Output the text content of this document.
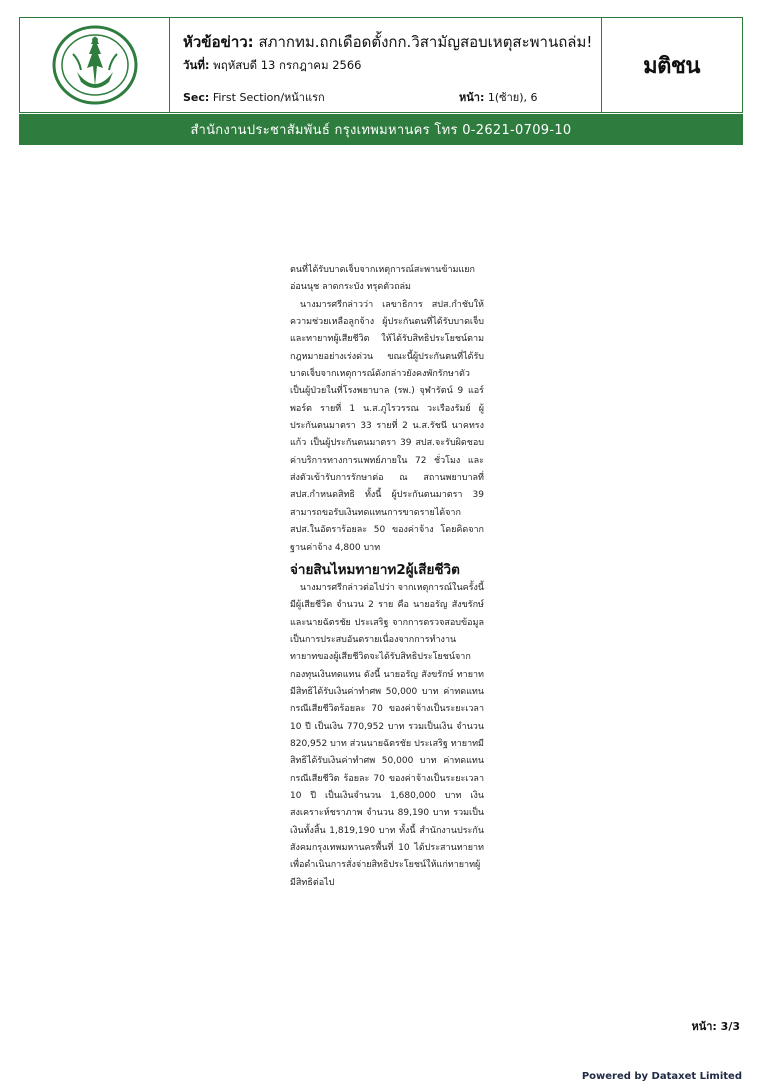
หัวข้อข่าว: สภากทม.ถกเดือดตั้งกก.วิสามัญสอบเหตุสะพานถล่ม!
วันที่: พฤหัสบดี 13 กรกฎาคม 2566
Sec: First Section/หน้าแรก	หน้า: 1(ซ้าย), 6
มติชน
สำนักงานประชาสัมพันธ์ กรุงเทพมหานคร โทร 0-2621-0709-10

ตนที่ได้รับบาดเจ็บจากเหตุการณ์สะพานข้ามแยกอ่อนนุช ลาดกระบัง ทรุดตัวถล่ม

นางมารศรีกล่าวว่า เลขาธิการ สปส.กำชับให้ความช่วยเหลือลูกจ้าง ผู้ประกันตนที่ได้รับบาดเจ็บ และทายาทผู้เสียชีวิต ให้ได้รับสิทธิประโยชน์ตามกฎหมายอย่างเร่งด่วน ขณะนี้ผู้ประกันตนที่ได้รับบาดเจ็บจากเหตุการณ์ดังกล่าวยังคงพักรักษาตัวเป็นผู้ป่วยในที่โรงพยาบาล (รพ.) จุฬารัตน์ 9 แอร์พอร์ต รายที่ 1 น.ส.ภูไรวรรณ วะเรืองรัมย์ ผู้ประกันตนมาตรา 33 รายที่ 2 น.ส.รัชนี นาคทรงแก้ว เป็นผู้ประกันตนมาตรา 39 สปส.จะรับผิดชอบค่าบริการทางการแพทย์ภายใน 72 ชั่วโมง และส่งตัวเข้ารับการรักษาต่อ ณ สถานพยาบาลที่สปส.กำหนดสิทธิ ทั้งนี้ ผู้ประกันตนมาตรา 39 สามารถขอรับเงินทดแทนการขาดรายได้จาก สปส.ในอัตราร้อยละ 50 ของค่าจ้าง โดยคิดจากฐานค่าจ้าง 4,800 บาท

จ่ายสินไหมทายาท2ผู้เสียชีวิต

นางมารศรีกล่าวต่อไปว่า จากเหตุการณ์ในครั้งนี้มีผู้เสียชีวิต จำนวน 2 ราย คือ นายอรัญ สังขรักษ์ และนายฉัตรชัย ประเสริฐ จากการตรวจสอบข้อมูลเป็นการประสบอันตรายเนื่องจากการทำงาน ทายาทของผู้เสียชีวิตจะได้รับสิทธิประโยชน์จากกองทุนเงินทดแทน ดังนี้ นายอรัญ สังขรักษ์ ทายาทมีสิทธิได้รับเงินค่าทำศพ 50,000 บาท ค่าทดแทนกรณีเสียชีวิตร้อยละ 70 ของค่าจ้างเป็นระยะเวลา 10 ปี เป็นเงิน 770,952 บาท รวมเป็นเงิน จำนวน 820,952 บาท ส่วนนายฉัตรชัย ประเสริฐ ทายาทมีสิทธิได้รับเงินค่าทำศพ 50,000 บาท ค่าทดแทนกรณีเสียชีวิต ร้อยละ 70 ของค่าจ้างเป็นระยะเวลา 10 ปี เป็นเงินจำนวน 1,680,000 บาท เงินสงเคราะห์ชราภาพ จำนวน 89,190 บาท รวมเป็นเงินทั้งสิ้น 1,819,190 บาท ทั้งนี้ สำนักงานประกันสังคมกรุงเทพมหานครพื้นที่ 10 ได้ประสานทายาทเพื่อดำเนินการสั่งจ่ายสิทธิประโยชน์ให้แก่ทายาทผู้มีสิทธิต่อไป

หน้า: 3/3
Powered by Dataxet Limited
